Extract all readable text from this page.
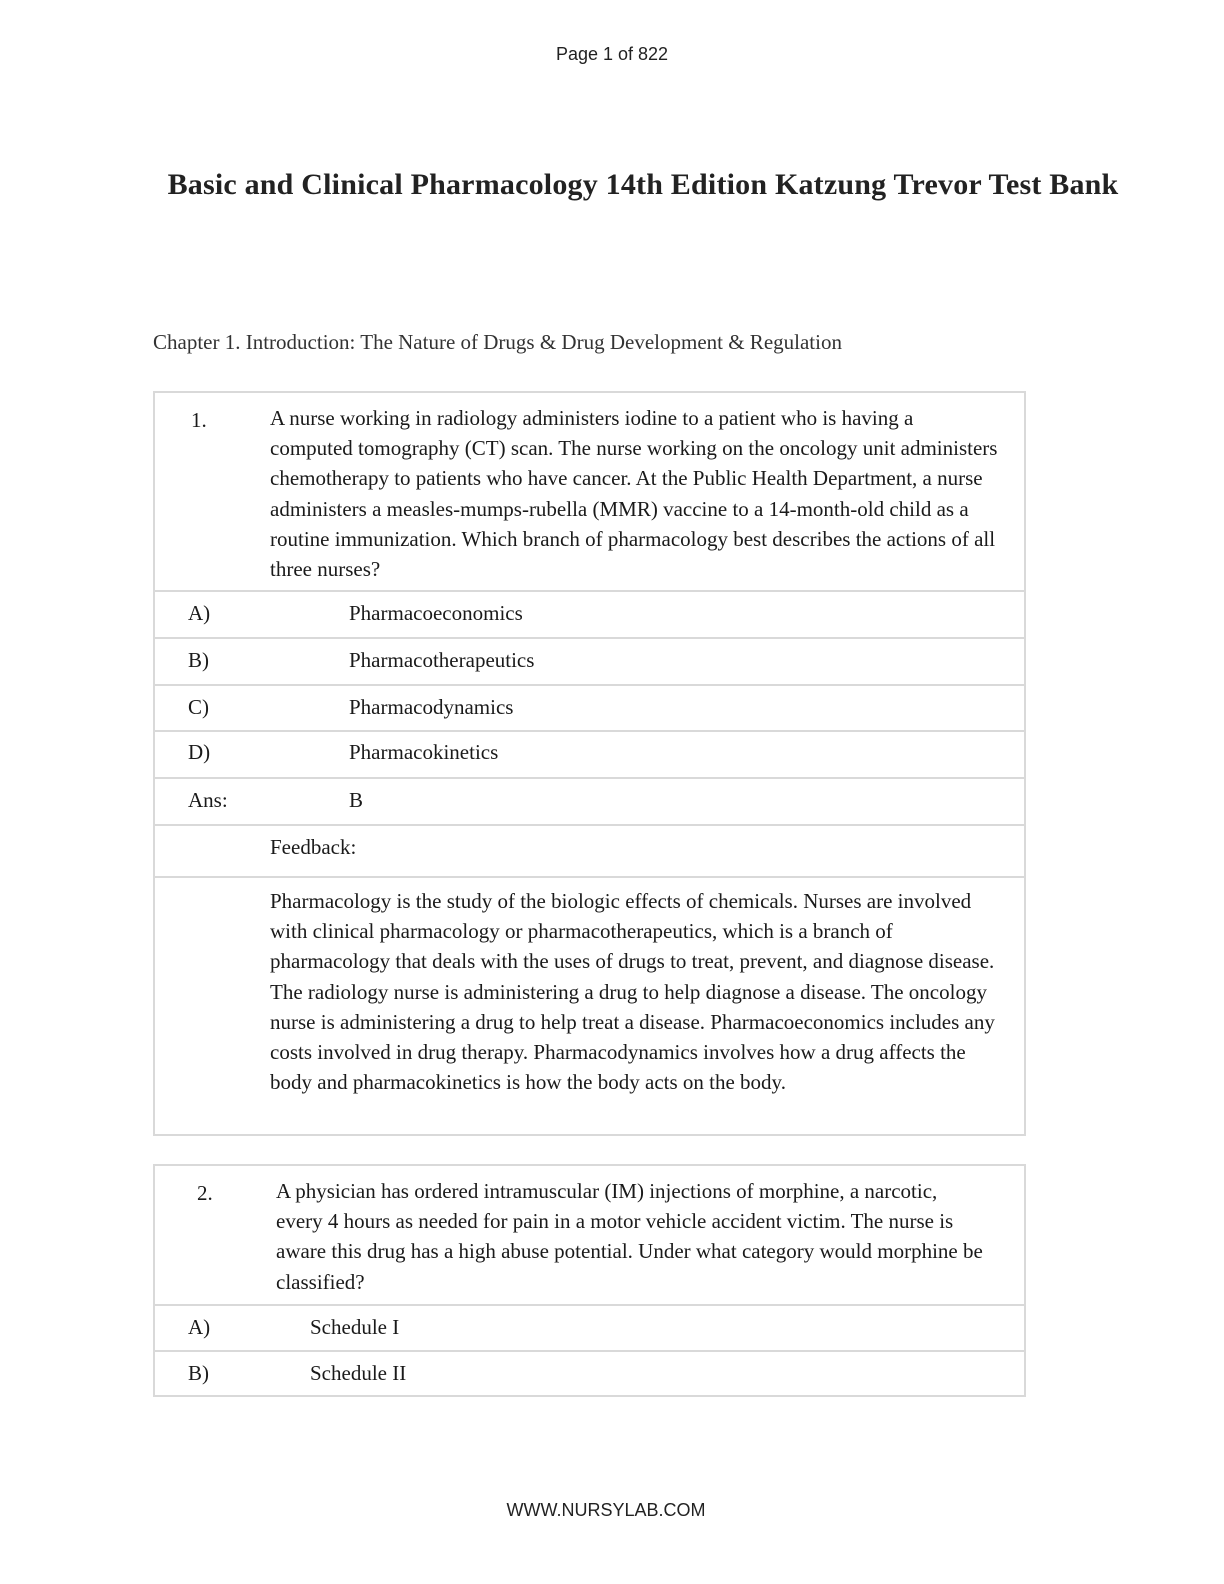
Page 1 of 822
Basic and Clinical Pharmacology 14th Edition Katzung Trevor Test Bank
Chapter 1. Introduction: The Nature of Drugs & Drug Development & Regulation
1.	A nurse working in radiology administers iodine to a patient who is having a computed tomography (CT) scan. The nurse working on the oncology unit administers chemotherapy to patients who have cancer. At the Public Health Department, a nurse administers a measles-mumps-rubella (MMR) vaccine to a 14-month-old child as a routine immunization. Which branch of pharmacology best describes the actions of all three nurses?
A)	Pharmacoeconomics
B)	Pharmacotherapeutics
C)	Pharmacodynamics
D)	Pharmacokinetics
Ans:	B
Feedback:
Pharmacology is the study of the biologic effects of chemicals. Nurses are involved with clinical pharmacology or pharmacotherapeutics, which is a branch of pharmacology that deals with the uses of drugs to treat, prevent, and diagnose disease. The radiology nurse is administering a drug to help diagnose a disease. The oncology nurse is administering a drug to help treat a disease. Pharmacoeconomics includes any costs involved in drug therapy. Pharmacodynamics involves how a drug affects the body and pharmacokinetics is how the body acts on the body.
2.	A physician has ordered intramuscular (IM) injections of morphine, a narcotic, every 4 hours as needed for pain in a motor vehicle accident victim. The nurse is aware this drug has a high abuse potential. Under what category would morphine be classified?
A)	Schedule I
B)	Schedule II
WWW.NURSYLAB.COM
